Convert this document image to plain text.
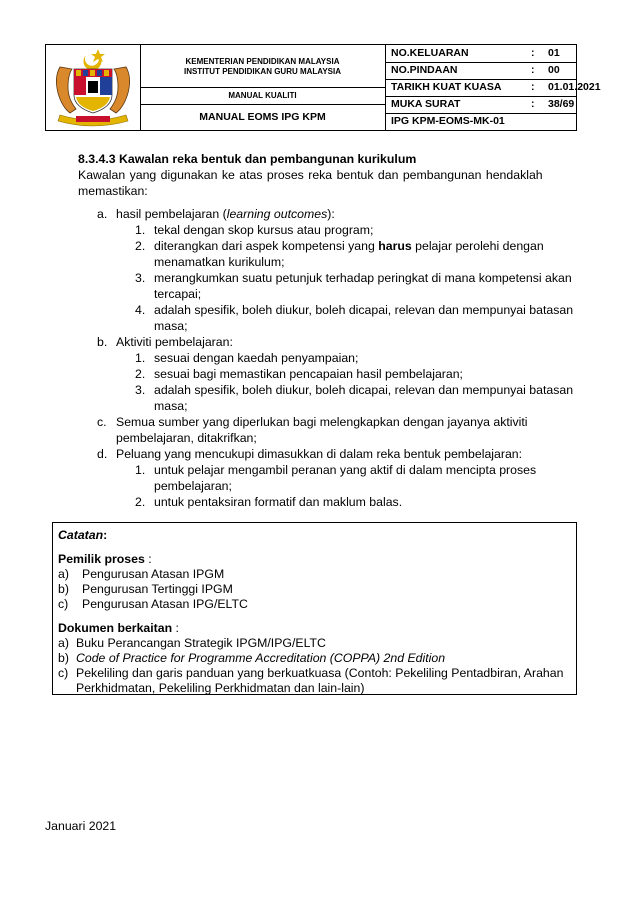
KEMENTERIAN PENDIDIKAN MALAYSIA
INSTITUT PENDIDIKAN GURU MALAYSIA
MANUAL KUALITI
MANUAL EOMS IPG KPM
NO.KELUARAN	: 01
NO.PINDAAN	: 00
TARIKH KUAT KUASA	: 01.01.2021
MUKA SURAT	: 38/69
IPG KPM-EOMS-MK-01
8.3.4.3 Kawalan reka bentuk dan pembangunan kurikulum
Kawalan yang digunakan ke atas proses reka bentuk dan pembangunan hendaklah
memastikan:
a. hasil pembelajaran (learning outcomes):
1. tekal dengan skop kursus atau program;
2. diterangkan dari aspek kompetensi yang harus pelajar perolehi dengan
menamatkan kurikulum;
3. merangkumkan suatu petunjuk terhadap peringkat di mana kompetensi akan
tercapai;
4. adalah spesifik, boleh diukur, boleh dicapai, relevan dan mempunyai batasan
masa;
b. Aktiviti pembelajaran:
1. sesuai dengan kaedah penyampaian;
2. sesuai bagi memastikan pencapaian hasil pembelajaran;
3. adalah spesifik, boleh diukur, boleh dicapai, relevan dan mempunyai batasan
masa;
c. Semua sumber yang diperlukan bagi melengkapkan dengan jayanya aktiviti
pembelajaran, ditakrifkan;
d. Peluang yang mencukupi dimasukkan di dalam reka bentuk pembelajaran:
1. untuk pelajar mengambil peranan yang aktif di dalam mencipta proses
pembelajaran;
2. untuk pentaksiran formatif dan maklum balas.
Catatan:
Pemilik proses :
a) Pengurusan Atasan IPGM
b) Pengurusan Tertinggi IPGM
c) Pengurusan Atasan IPG/ELTC
Dokumen berkaitan :
a) Buku Perancangan Strategik IPGM/IPG/ELTC
b) Code of Practice for Programme Accreditation (COPPA) 2nd Edition
c) Pekeliling dan garis panduan yang berkuatkuasa (Contoh: Pekeliling Pentadbiran, Arahan
Perkhidmatan, Pekeliling Perkhidmatan dan lain-lain)
Januari 2021
